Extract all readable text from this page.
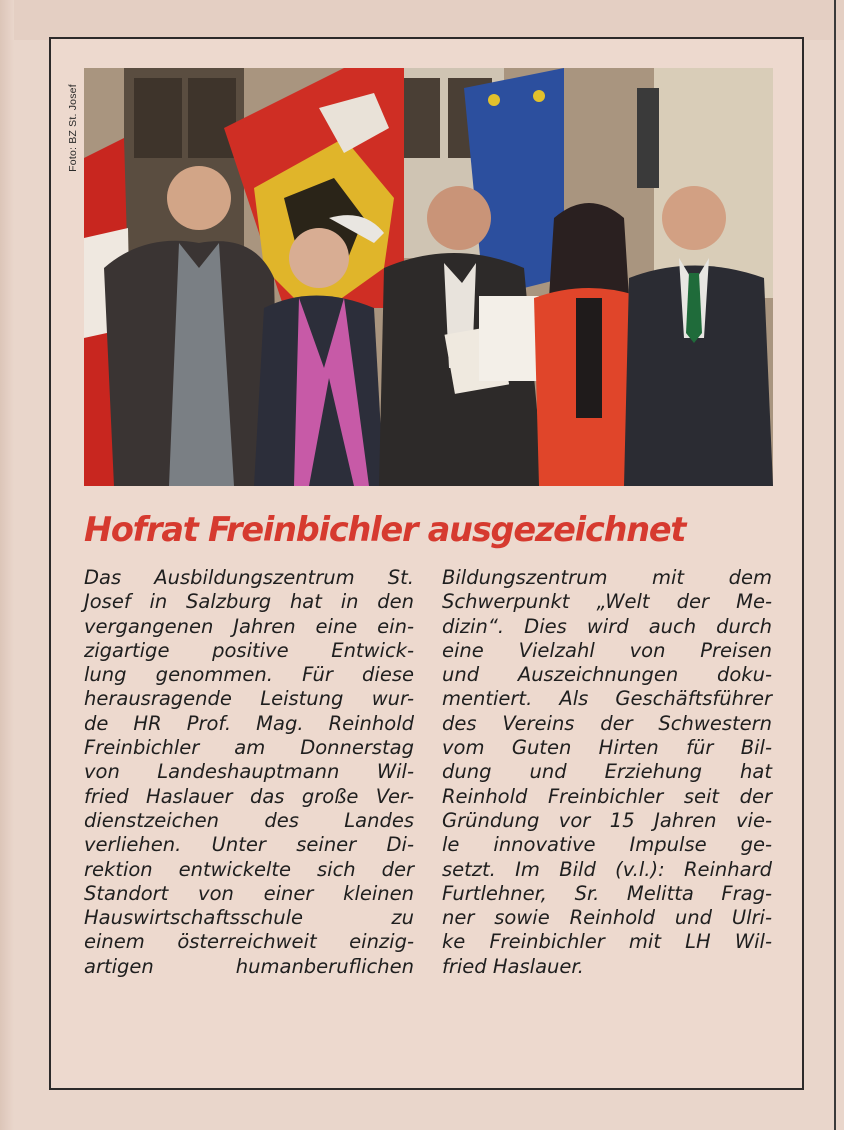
Foto: BZ St. Josef
Hofrat Freinbichler ausgezeichnet
Das Ausbildungszentrum St.
Josef in Salzburg hat in den
vergangenen Jahren eine ein-
zigartige positive Entwick-
lung genommen. Für diese
herausragende Leistung wur-
de HR Prof. Mag. Reinhold
Freinbichler am Donnerstag
von Landeshauptmann Wil-
fried Haslauer das große Ver-
dienstzeichen des Landes
verliehen. Unter seiner Di-
rektion entwickelte sich der
Standort von einer kleinen
Hauswirtschaftsschule zu
einem österreichweit einzig-
artigen humanberuflichen
Bildungszentrum mit dem
Schwerpunkt „Welt der Me-
dizin“. Dies wird auch durch
eine Vielzahl von Preisen
und Auszeichnungen doku-
mentiert. Als Geschäftsführer
des Vereins der Schwestern
vom Guten Hirten für Bil-
dung und Erziehung hat
Reinhold Freinbichler seit der
Gründung vor 15 Jahren vie-
le innovative Impulse ge-
setzt. Im Bild (v.l.): Reinhard
Furtlehner, Sr. Melitta Frag-
ner sowie Reinhold und Ulri-
ke Freinbichler mit LH Wil-
fried Haslauer.
